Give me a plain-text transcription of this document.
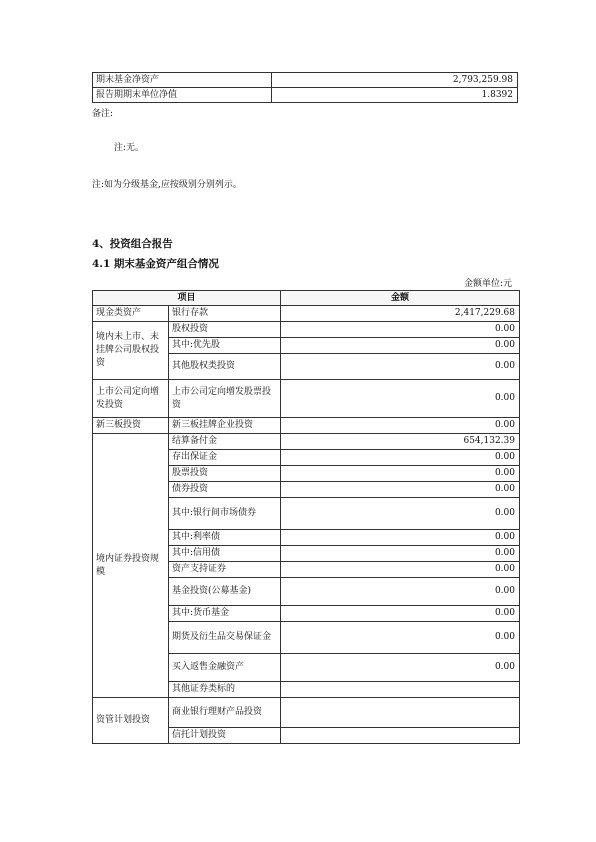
期末基金净资产	2,793,259.98
报告期期末单位净值	1.8392
备注:
注:无。
注:如为分级基金,应按级别分别列示。
4、投资组合报告
4.1 期末基金资产组合情况
金额单位:元
项目		金额
现金类资产	银行存款	2,417,229.68
境内未上市、未挂牌公司股权投资	股权投资	0.00
	其中:优先股	0.00
	其他股权类投资	0.00
上市公司定向增发投资	上市公司定向增发股票投资	0.00
新三板投资	新三板挂牌企业投资	0.00
境内证券投资规模	结算备付金	654,132.39
	存出保证金	0.00
	股票投资	0.00
	债券投资	0.00
	其中:银行间市场债券	0.00
	其中:利率债	0.00
	其中:信用债	0.00
	资产支持证券	0.00
	基金投资(公募基金)	0.00
	其中:货币基金	0.00
	期货及衍生品交易保证金	0.00
	买入返售金融资产	0.00
	其他证券类标的	
资管计划投资	商业银行理财产品投资	
	信托计划投资	
